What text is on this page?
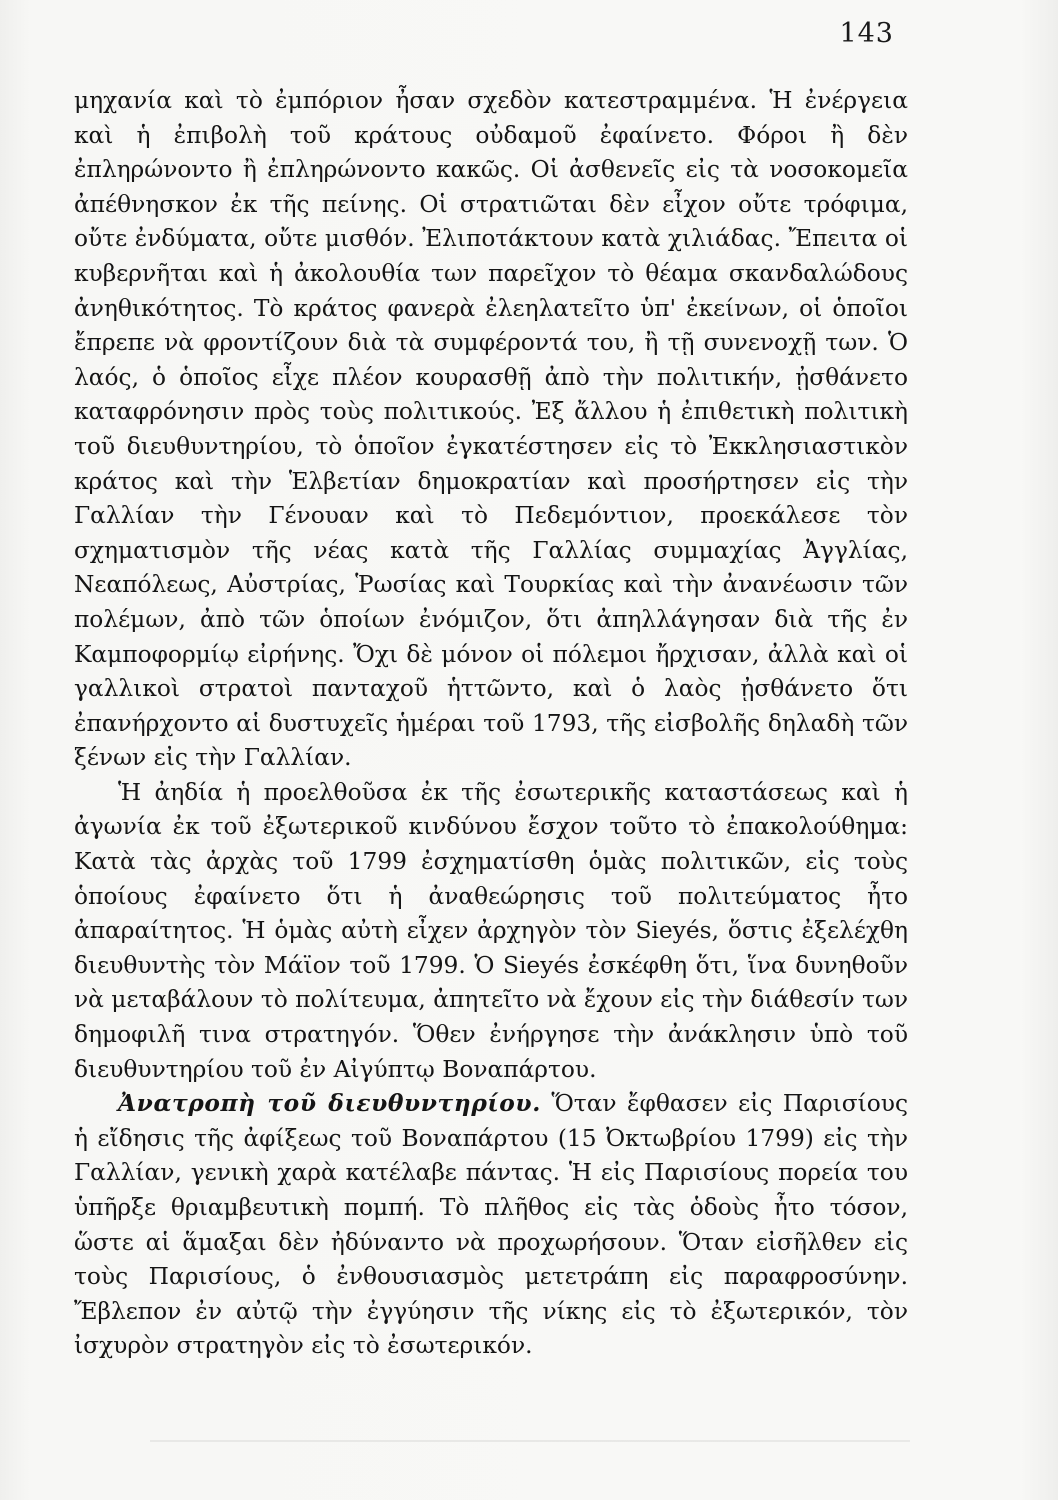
143

μηχανία καὶ τὸ ἐμπόριον ἦσαν σχεδὸν κατεστραμμένα. Ἡ ἐνέργεια καὶ ἡ ἐπιβολὴ τοῦ κράτους οὐδαμοῦ ἐφαίνετο. Φόροι ἢ δὲν ἐπληρώνοντο ἢ ἐπληρώνοντο κακῶς. Οἱ ἀσθενεῖς εἰς τὰ νοσοκομεῖα ἀπέθνησκον ἐκ τῆς πείνης. Οἱ στρατιῶται δὲν εἶχον οὔτε τρόφιμα, οὔτε ἐνδύματα, οὔτε μισθόν. Ἐλιποτάκτουν κατὰ χιλιάδας. Ἔπειτα οἱ κυβερνῆται καὶ ἡ ἀκολουθία των παρεῖχον τὸ θέαμα σκανδαλώδους ἀνηθικότητος. Τὸ κράτος φανερὰ ἐλεηλατεῖτο ὑπ' ἐκείνων, οἱ ὁποῖοι ἔπρεπε νὰ φροντίζουν διὰ τὰ συμφέροντά του, ἢ τῇ συνενοχῇ των. Ὁ λαός, ὁ ὁποῖος εἶχε πλέον κουρασθῇ ἀπὸ τὴν πολιτικήν, ᾐσθάνετο καταφρόνησιν πρὸς τοὺς πολιτικούς. Ἐξ ἄλλου ἡ ἐπιθετικὴ πολιτικὴ τοῦ διευθυντηρίου, τὸ ὁποῖον ἐγκατέστησεν εἰς τὸ Ἐκκλησιαστικὸν κράτος καὶ τὴν Ἑλβετίαν δημοκρατίαν καὶ προσήρτησεν εἰς τὴν Γαλλίαν τὴν Γένουαν καὶ τὸ Πεδεμόντιον, προεκάλεσε τὸν σχηματισμὸν τῆς νέας κατὰ τῆς Γαλλίας συμμαχίας Ἀγγλίας, Νεαπόλεως, Αὐστρίας, Ῥωσίας καὶ Τουρκίας καὶ τὴν ἀνανέωσιν τῶν πολέμων, ἀπὸ τῶν ὁποίων ἐνόμιζον, ὅτι ἀπηλλάγησαν διὰ τῆς ἐν Καμποφορμίῳ εἰρήνης. Ὄχι δὲ μόνον οἱ πόλεμοι ἤρχισαν, ἀλλὰ καὶ οἱ γαλλικοὶ στρατοὶ πανταχοῦ ἡττῶντο, καὶ ὁ λαὸς ᾐσθάνετο ὅτι ἐπανήρχοντο αἱ δυστυχεῖς ἡμέραι τοῦ 1793, τῆς εἰσβολῆς δηλαδὴ τῶν ξένων εἰς τὴν Γαλλίαν.

Ἡ ἀηδία ἡ προελθοῦσα ἐκ τῆς ἐσωτερικῆς καταστάσεως καὶ ἡ ἀγωνία ἐκ τοῦ ἐξωτερικοῦ κινδύνου ἔσχον τοῦτο τὸ ἐπακολούθημα: Κατὰ τὰς ἀρχὰς τοῦ 1799 ἐσχηματίσθη ὁμὰς πολιτικῶν, εἰς τοὺς ὁποίους ἐφαίνετο ὅτι ἡ ἀναθεώρησις τοῦ πολιτεύματος ἦτο ἀπαραίτητος. Ἡ ὁμὰς αὐτὴ εἶχεν ἀρχηγὸν τὸν Sieyés, ὅστις ἐξελέχθη διευθυντὴς τὸν Μάϊον τοῦ 1799. Ὁ Sieyés ἐσκέφθη ὅτι, ἵνα δυνηθοῦν νὰ μεταβάλουν τὸ πολίτευμα, ἀπητεῖτο νὰ ἔχουν εἰς τὴν διάθεσίν των δημοφιλῆ τινα στρατηγόν. Ὅθεν ἐνήργησε τὴν ἀνάκλησιν ὑπὸ τοῦ διευθυντηρίου τοῦ ἐν Αἰγύπτῳ Βοναπάρτου.

Ἀνατροπὴ τοῦ διευθυντηρίου. Ὅταν ἔφθασεν εἰς Παρισίους ἡ εἴδησις τῆς ἀφίξεως τοῦ Βοναπάρτου (15 Ὀκτωβρίου 1799) εἰς τὴν Γαλλίαν, γενικὴ χαρὰ κατέλαβε πάντας. Ἡ εἰς Παρισίους πορεία του ὑπῆρξε θριαμβευτικὴ πομπή. Τὸ πλῆθος εἰς τὰς ὁδοὺς ἦτο τόσον, ὥστε αἱ ἅμαξαι δὲν ἠδύναντο νὰ προχωρήσουν. Ὅταν εἰσῆλθεν εἰς τοὺς Παρισίους, ὁ ἐνθουσιασμὸς μετετράπη εἰς παραφροσύνην. Ἔβλεπον ἐν αὐτῷ τὴν ἐγγύησιν τῆς νίκης εἰς τὸ ἐξωτερικόν, τὸν ἰσχυρὸν στρατηγὸν εἰς τὸ ἐσωτερικόν.
